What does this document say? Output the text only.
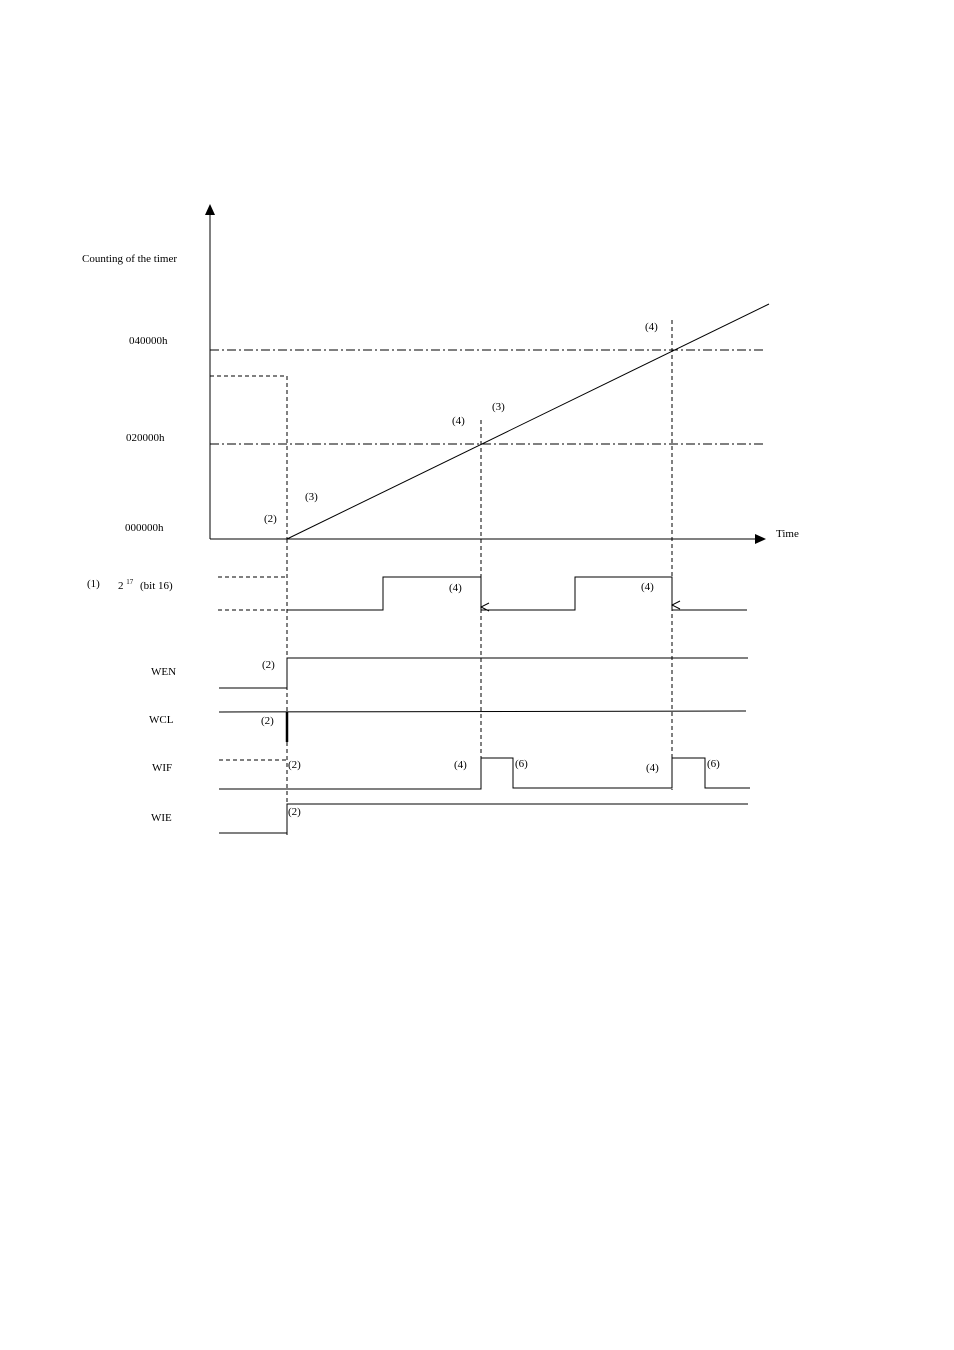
Counting of the timer
Time
040000h
020000h
000000h
(2)
(3)
(4)
(3)
(4)
(1) 2 $^{17}$ (bit 16)	(4)	(4)
WEN
(2)
WCL	(2)
WIF	(2)	(4)	(6)	(4)	(6)
WIE	(2)
